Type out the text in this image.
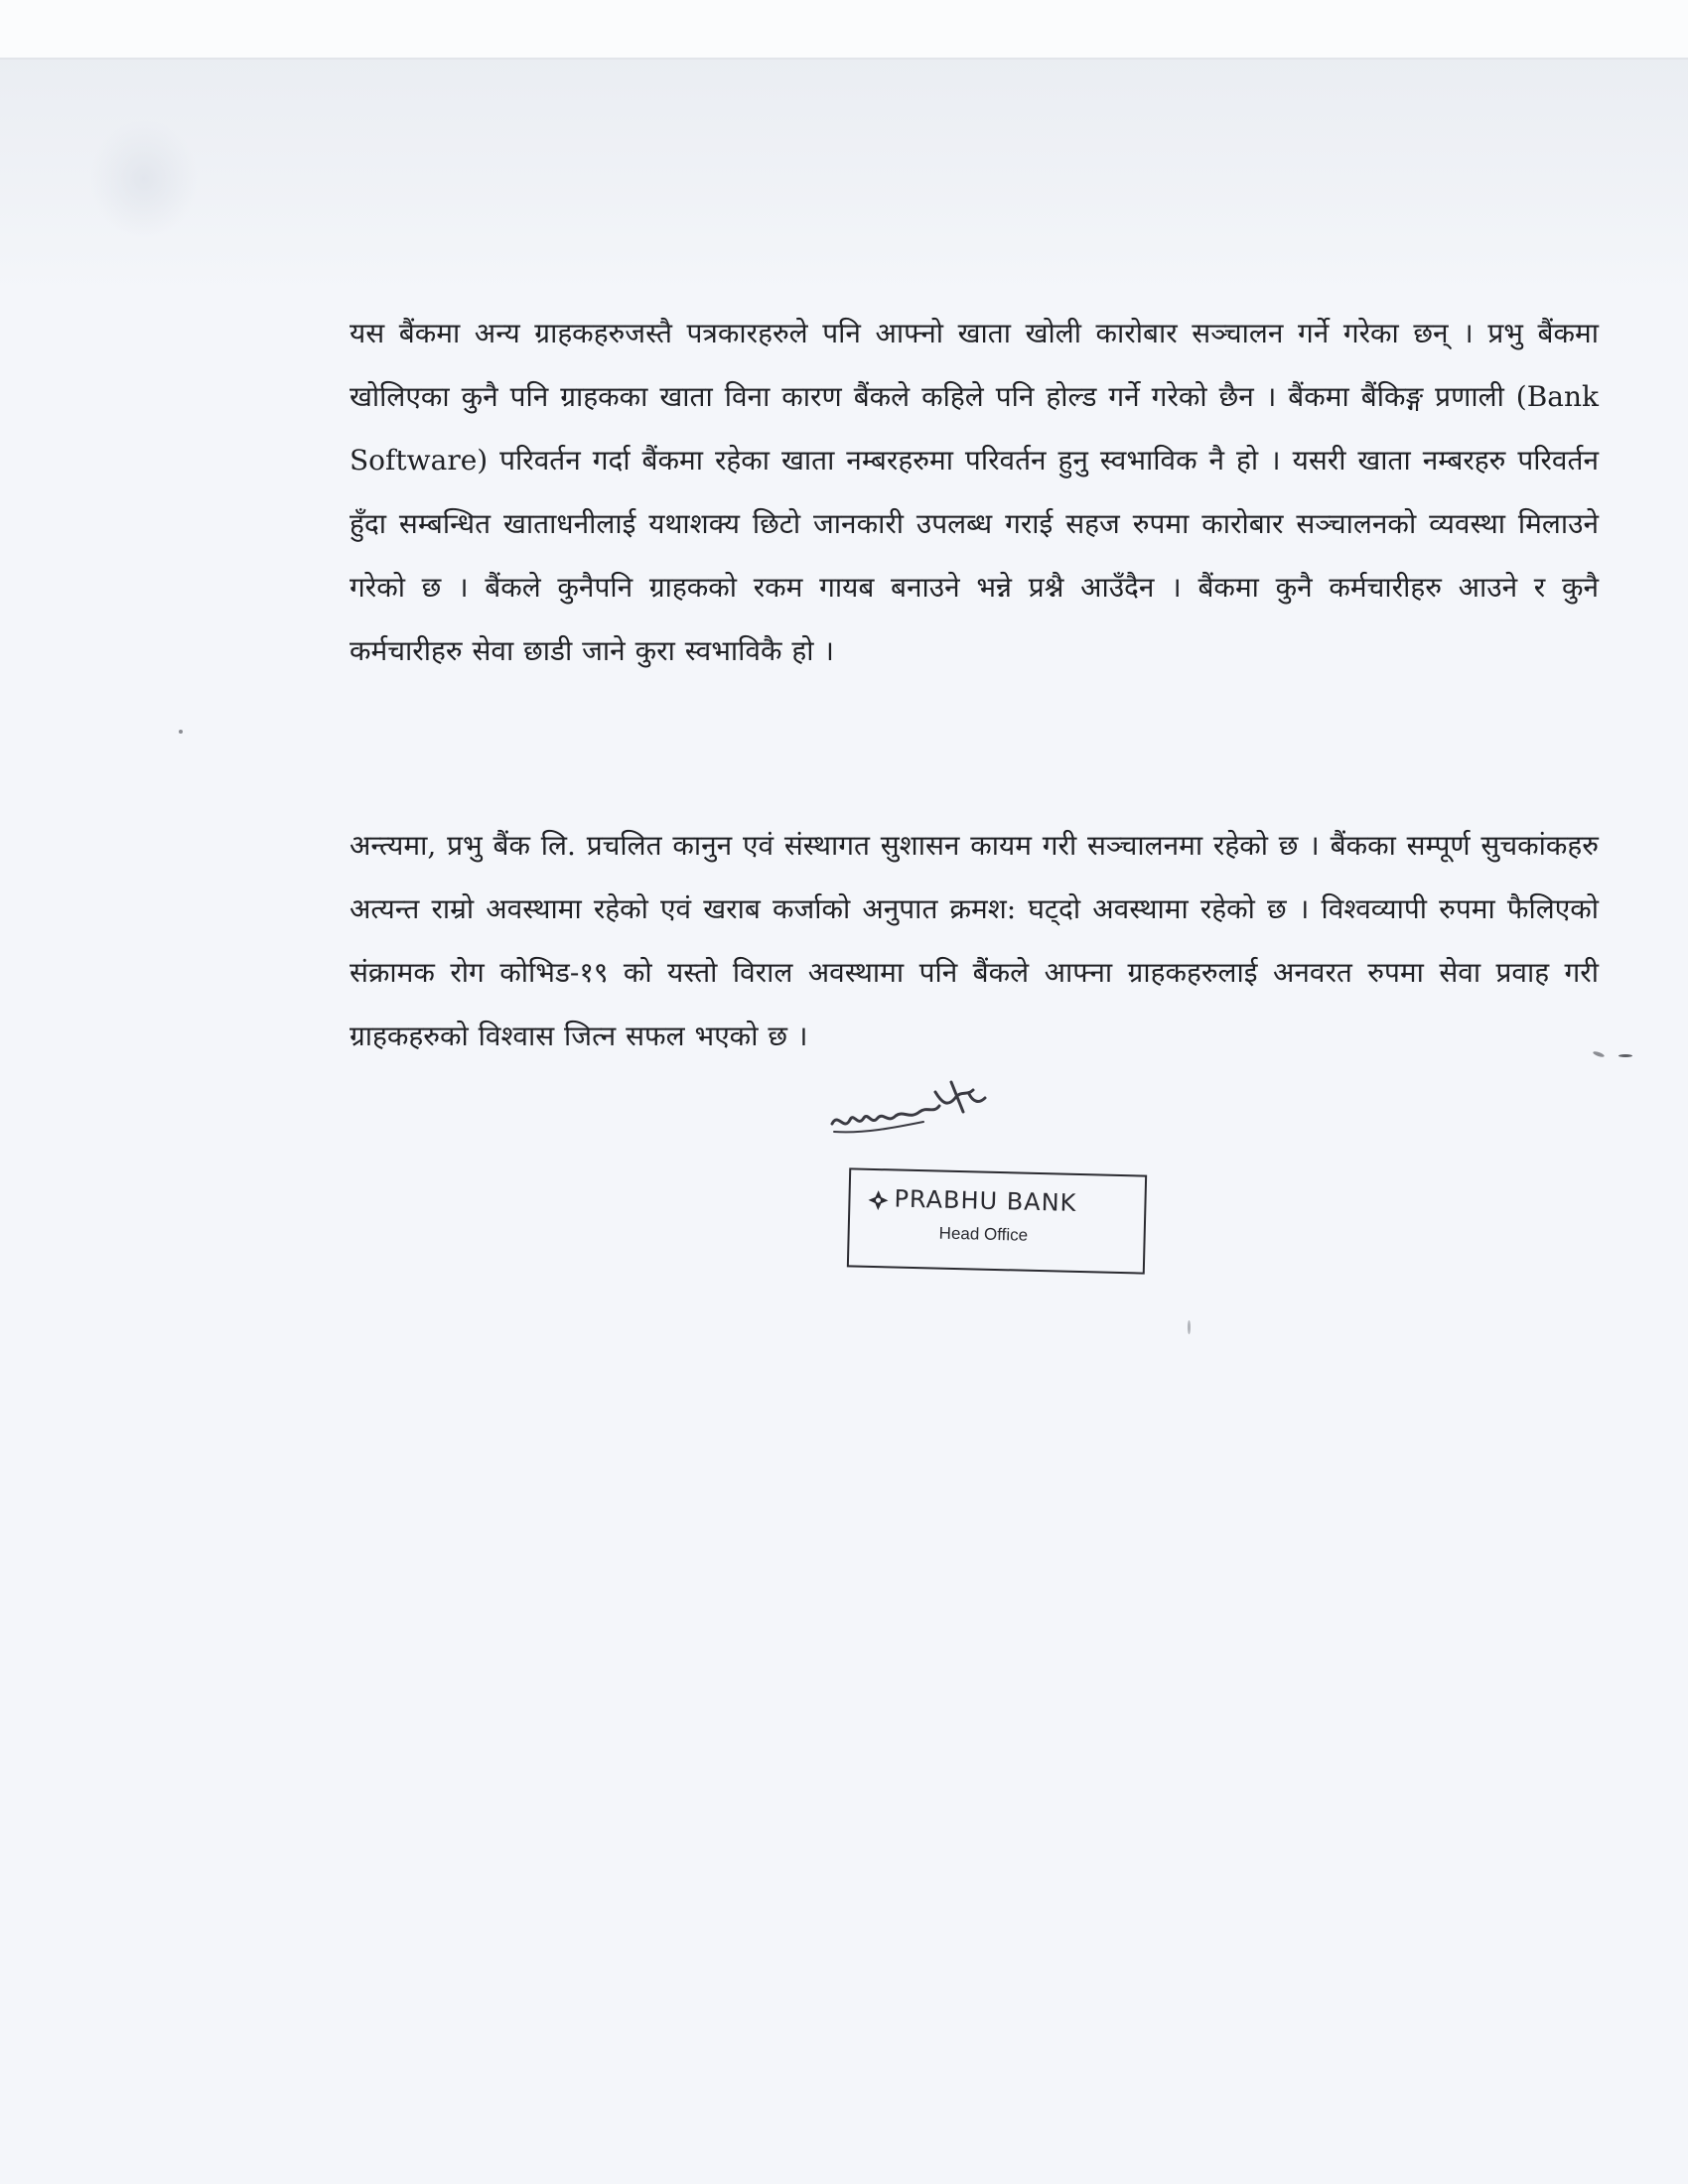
यस बैंकमा अन्य ग्राहकहरुजस्तै पत्रकारहरुले पनि आफ्नो खाता खोली कारोबार सञ्चालन गर्ने गरेका छन् । प्रभु बैंकमा खोलिएका कुनै पनि ग्राहकका खाता विना कारण बैंकले कहिले पनि होल्ड गर्ने गरेको छैन । बैंकमा बैंकिङ्ग प्रणाली (Bank Software) परिवर्तन गर्दा बैंकमा रहेका खाता नम्बरहरुमा परिवर्तन हुनु स्वभाविक नै हो । यसरी खाता नम्बरहरु परिवर्तन हुँदा सम्बन्धित खाताधनीलाई यथाशक्य छिटो जानकारी उपलब्ध गराई सहज रुपमा कारोबार सञ्चालनको व्यवस्था मिलाउने गरेको छ । बैंकले कुनैपनि ग्राहकको रकम गायब बनाउने भन्ने प्रश्नै आउँदैन । बैंकमा कुनै कर्मचारीहरु आउने र कुनै कर्मचारीहरु सेवा छाडी जाने कुरा स्वभाविकै हो ।

अन्त्यमा, प्रभु बैंक लि. प्रचलित कानुन एवं संस्थागत सुशासन कायम गरी सञ्चालनमा रहेको छ । बैंकका सम्पूर्ण सुचकांकहरु अत्यन्त राम्रो अवस्थामा रहेको एवं खराब कर्जाको अनुपात क्रमश: घट्दो अवस्थामा रहेको छ । विश्वव्यापी रुपमा फैलिएको संक्रामक रोग कोभिड-१९ को यस्तो विराल अवस्थामा पनि बैंकले आफ्ना ग्राहकहरुलाई अनवरत रुपमा सेवा प्रवाह गरी ग्राहकहरुको विश्वास जित्न सफल भएको छ ।

PRABHU BANK
Head Office
